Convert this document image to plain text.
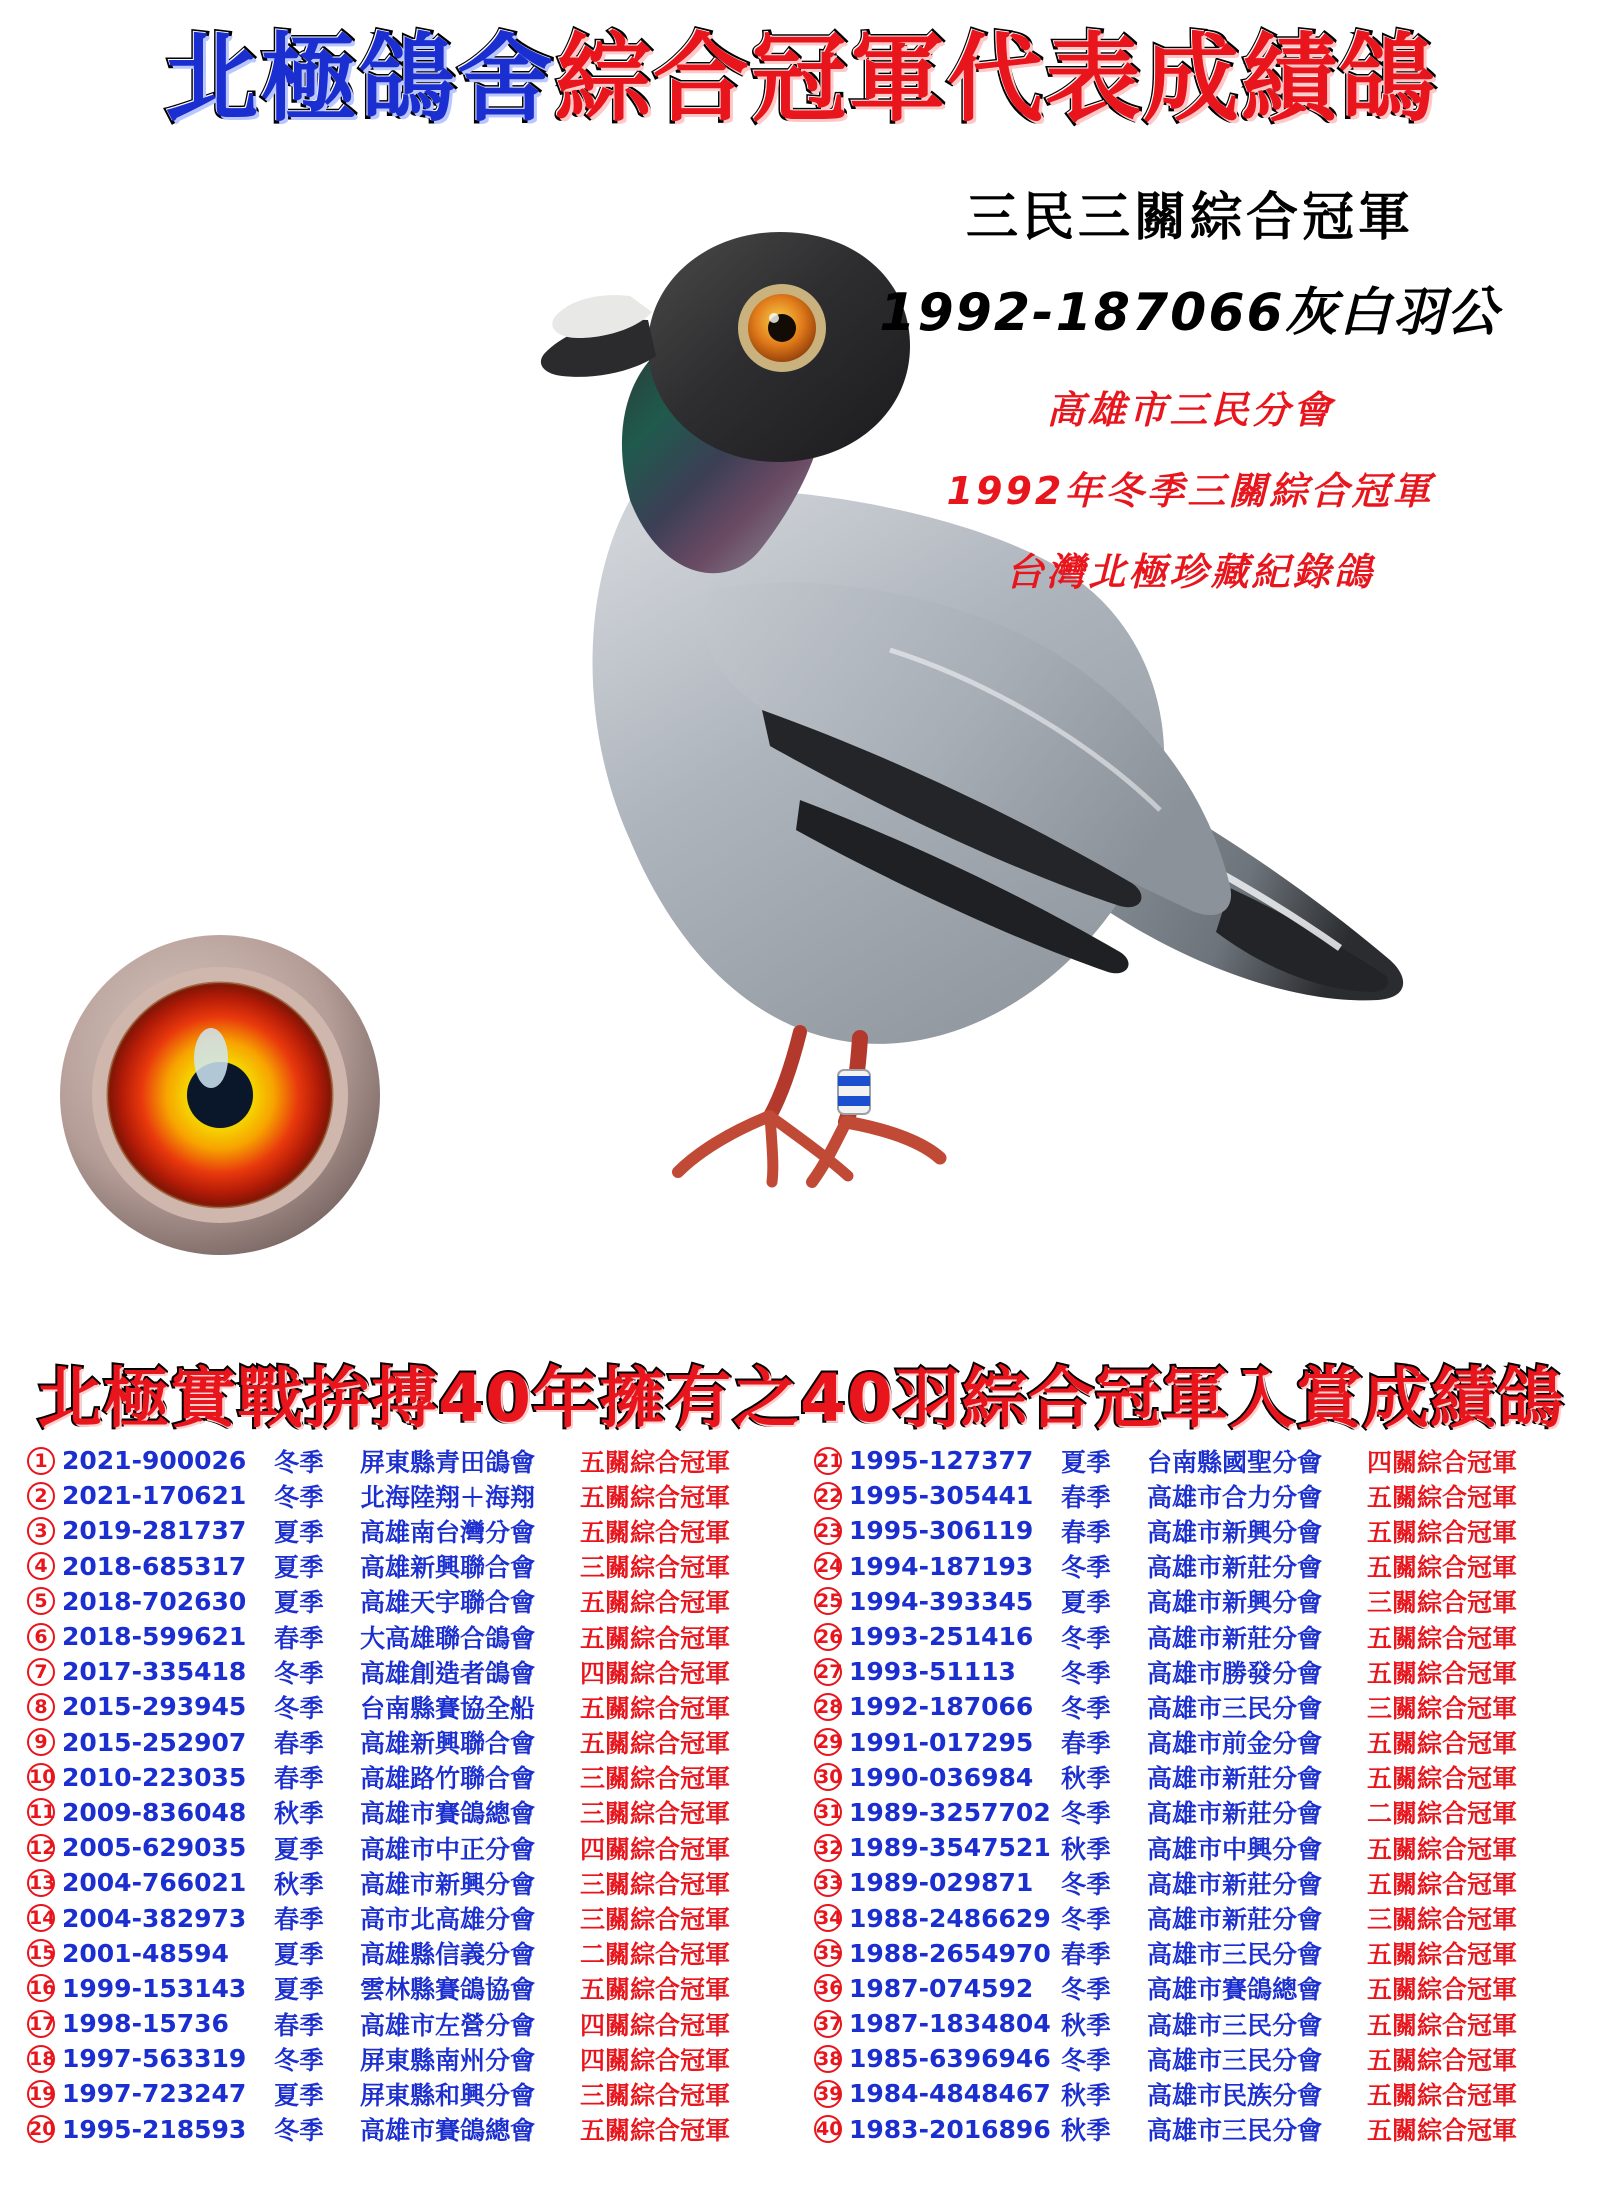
北極鴿舍綜合冠軍代表成績鴿
三民三關綜合冠軍
1992-187066灰白羽公
高雄市三民分會
1992年冬季三關綜合冠軍
台灣北極珍藏紀錄鴿
北極實戰拚搏40年擁有之40羽綜合冠軍入賞成績鴿
1 2021-900026	冬季	屏東縣青田鴿會	五關綜合冠軍
2 2021-170621	冬季	北海陸翔＋海翔	五關綜合冠軍
3 2019-281737	夏季	高雄南台灣分會	五關綜合冠軍
4 2018-685317	夏季	高雄新興聯合會	三關綜合冠軍
5 2018-702630	夏季	高雄天宇聯合會	五關綜合冠軍
6 2018-599621	春季	大高雄聯合鴿會	五關綜合冠軍
7 2017-335418	冬季	高雄創造者鴿會	四關綜合冠軍
8 2015-293945	冬季	台南縣賽協全船	五關綜合冠軍
9 2015-252907	春季	高雄新興聯合會	五關綜合冠軍
10 2010-223035	春季	高雄路竹聯合會	三關綜合冠軍
11 2009-836048	秋季	高雄市賽鴿總會	三關綜合冠軍
12 2005-629035	夏季	高雄市中正分會	四關綜合冠軍
13 2004-766021	秋季	高雄市新興分會	三關綜合冠軍
14 2004-382973	春季	高市北高雄分會	三關綜合冠軍
15 2001-48594	夏季	高雄縣信義分會	二關綜合冠軍
16 1999-153143	夏季	雲林縣賽鴿協會	五關綜合冠軍
17 1998-15736	春季	高雄市左營分會	四關綜合冠軍
18 1997-563319	冬季	屏東縣南州分會	四關綜合冠軍
19 1997-723247	夏季	屏東縣和興分會	三關綜合冠軍
20 1995-218593	冬季	高雄市賽鴿總會	五關綜合冠軍
21 1995-127377	夏季	台南縣國聖分會	四關綜合冠軍
22 1995-305441	春季	高雄市合力分會	五關綜合冠軍
23 1995-306119	春季	高雄市新興分會	五關綜合冠軍
24 1994-187193	冬季	高雄市新莊分會	五關綜合冠軍
25 1994-393345	夏季	高雄市新興分會	三關綜合冠軍
26 1993-251416	冬季	高雄市新莊分會	五關綜合冠軍
27 1993-51113	冬季	高雄市勝發分會	五關綜合冠軍
28 1992-187066	冬季	高雄市三民分會	三關綜合冠軍
29 1991-017295	春季	高雄市前金分會	五關綜合冠軍
30 1990-036984	秋季	高雄市新莊分會	五關綜合冠軍
31 1989-3257702 冬季	高雄市新莊分會	二關綜合冠軍
32 1989-3547521 秋季	高雄市中興分會	五關綜合冠軍
33 1989-029871	冬季	高雄市新莊分會	五關綜合冠軍
34 1988-2486629 冬季	高雄市新莊分會	三關綜合冠軍
35 1988-2654970 春季	高雄市三民分會	五關綜合冠軍
36 1987-074592	冬季	高雄市賽鴿總會	五關綜合冠軍
37 1987-1834804 秋季	高雄市三民分會	五關綜合冠軍
38 1985-6396946 冬季	高雄市三民分會	五關綜合冠軍
39 1984-4848467 秋季	高雄市民族分會	五關綜合冠軍
40 1983-2016896 秋季	高雄市三民分會	五關綜合冠軍
